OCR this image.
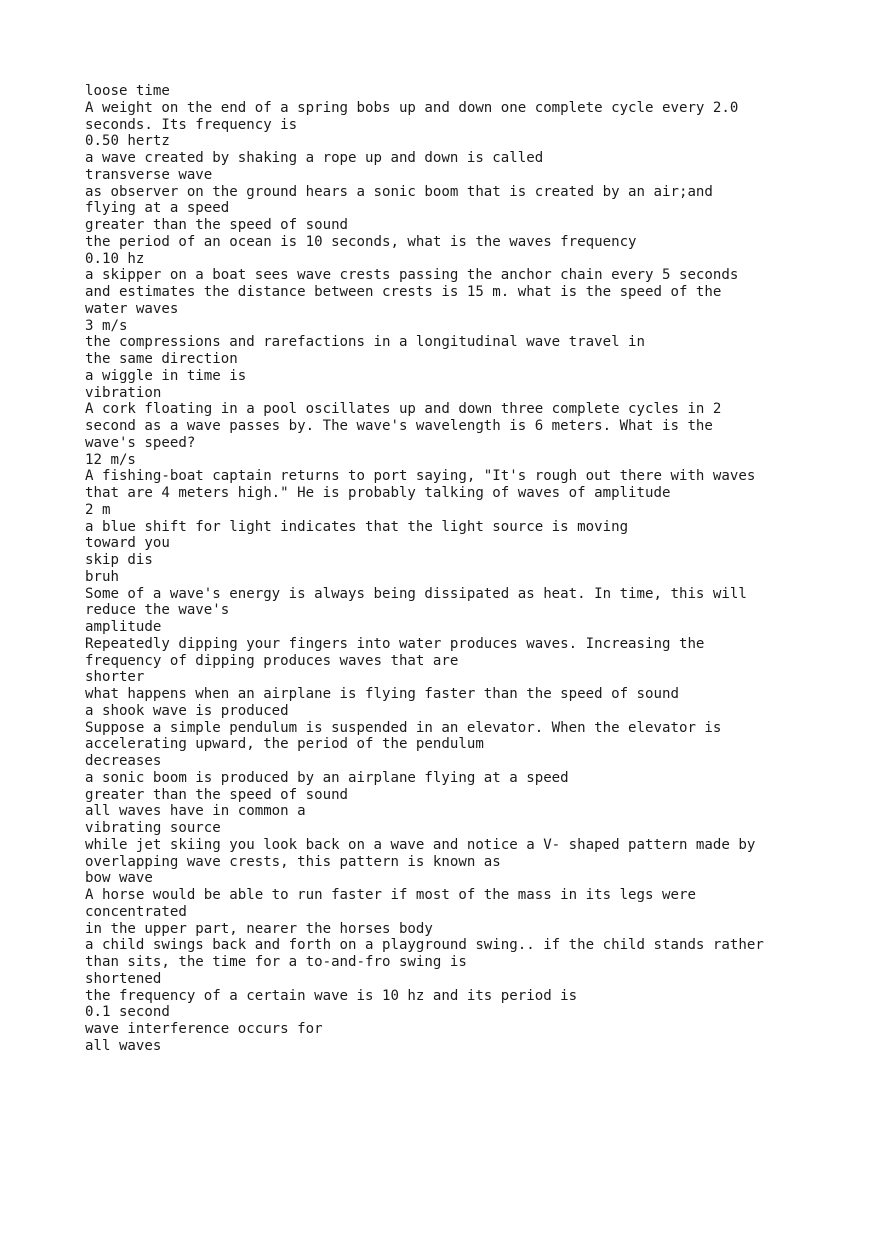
loose time
A weight on the end of a spring bobs up and down one complete cycle every 2.0
seconds. Its frequency is
0.50 hertz
a wave created by shaking a rope up and down is called
transverse wave
as observer on the ground hears a sonic boom that is created by an air;and
flying at a speed
greater than the speed of sound
the period of an ocean is 10 seconds, what is the waves frequency
0.10 hz
a skipper on a boat sees wave crests passing the anchor chain every 5 seconds
and estimates the distance between crests is 15 m. what is the speed of the
water waves
3 m/s
the compressions and rarefactions in a longitudinal wave travel in
the same direction
a wiggle in time is
vibration
A cork floating in a pool oscillates up and down three complete cycles in 2
second as a wave passes by. The wave's wavelength is 6 meters. What is the
wave's speed?
12 m/s
A fishing-boat captain returns to port saying, "It's rough out there with waves
that are 4 meters high." He is probably talking of waves of amplitude
2 m
a blue shift for light indicates that the light source is moving
toward you
skip dis
bruh
Some of a wave's energy is always being dissipated as heat. In time, this will
reduce the wave's
amplitude
Repeatedly dipping your fingers into water produces waves. Increasing the
frequency of dipping produces waves that are
shorter
what happens when an airplane is flying faster than the speed of sound
a shook wave is produced
Suppose a simple pendulum is suspended in an elevator. When the elevator is
accelerating upward, the period of the pendulum
decreases
a sonic boom is produced by an airplane flying at a speed
greater than the speed of sound
all waves have in common a
vibrating source
while jet skiing you look back on a wave and notice a V- shaped pattern made by
overlapping wave crests, this pattern is known as
bow wave
A horse would be able to run faster if most of the mass in its legs were
concentrated
in the upper part, nearer the horses body
a child swings back and forth on a playground swing.. if the child stands rather
than sits, the time for a to-and-fro swing is
shortened
the frequency of a certain wave is 10 hz and its period is
0.1 second
wave interference occurs for
all waves
